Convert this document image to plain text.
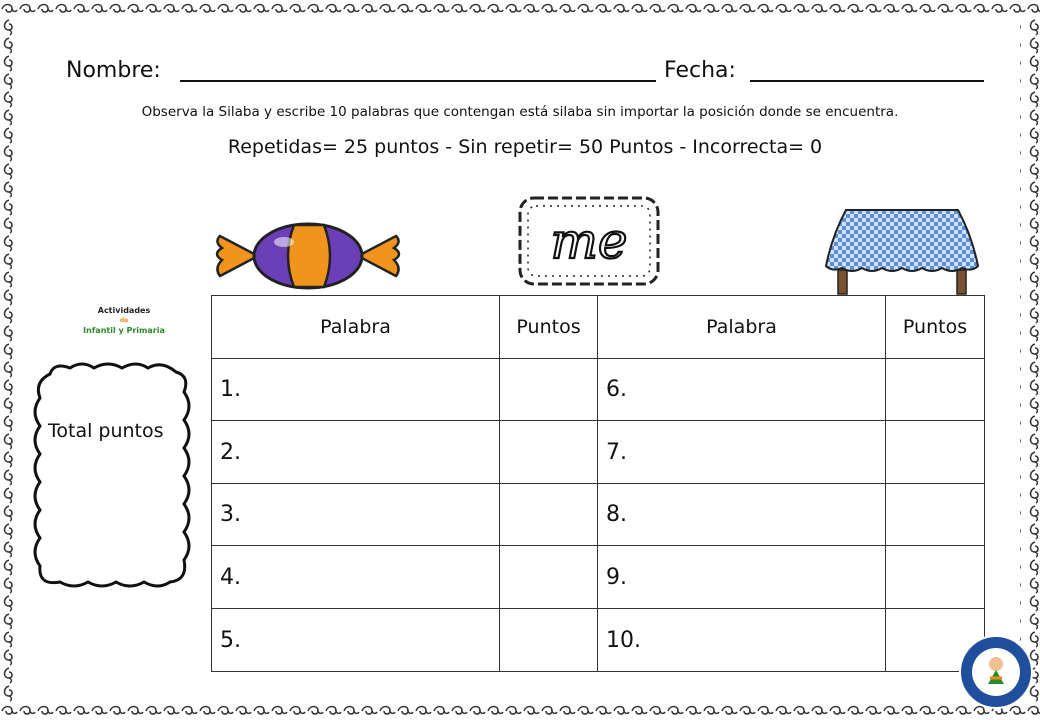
Nombre:	Fecha:
Observa la Silaba y escribe 10 palabras que contengan está silaba sin importar la posición donde se encuentra.
Repetidas= 25 puntos - Sin repetir= 50 Puntos - Incorrecta= 0
me
Actividades
de
Infantil y Primaria
Total puntos
Palabra	Puntos	Palabra	Puntos
1.		6.	
2.		7.	
3.		8.	
4.		9.	
5.		10.	
